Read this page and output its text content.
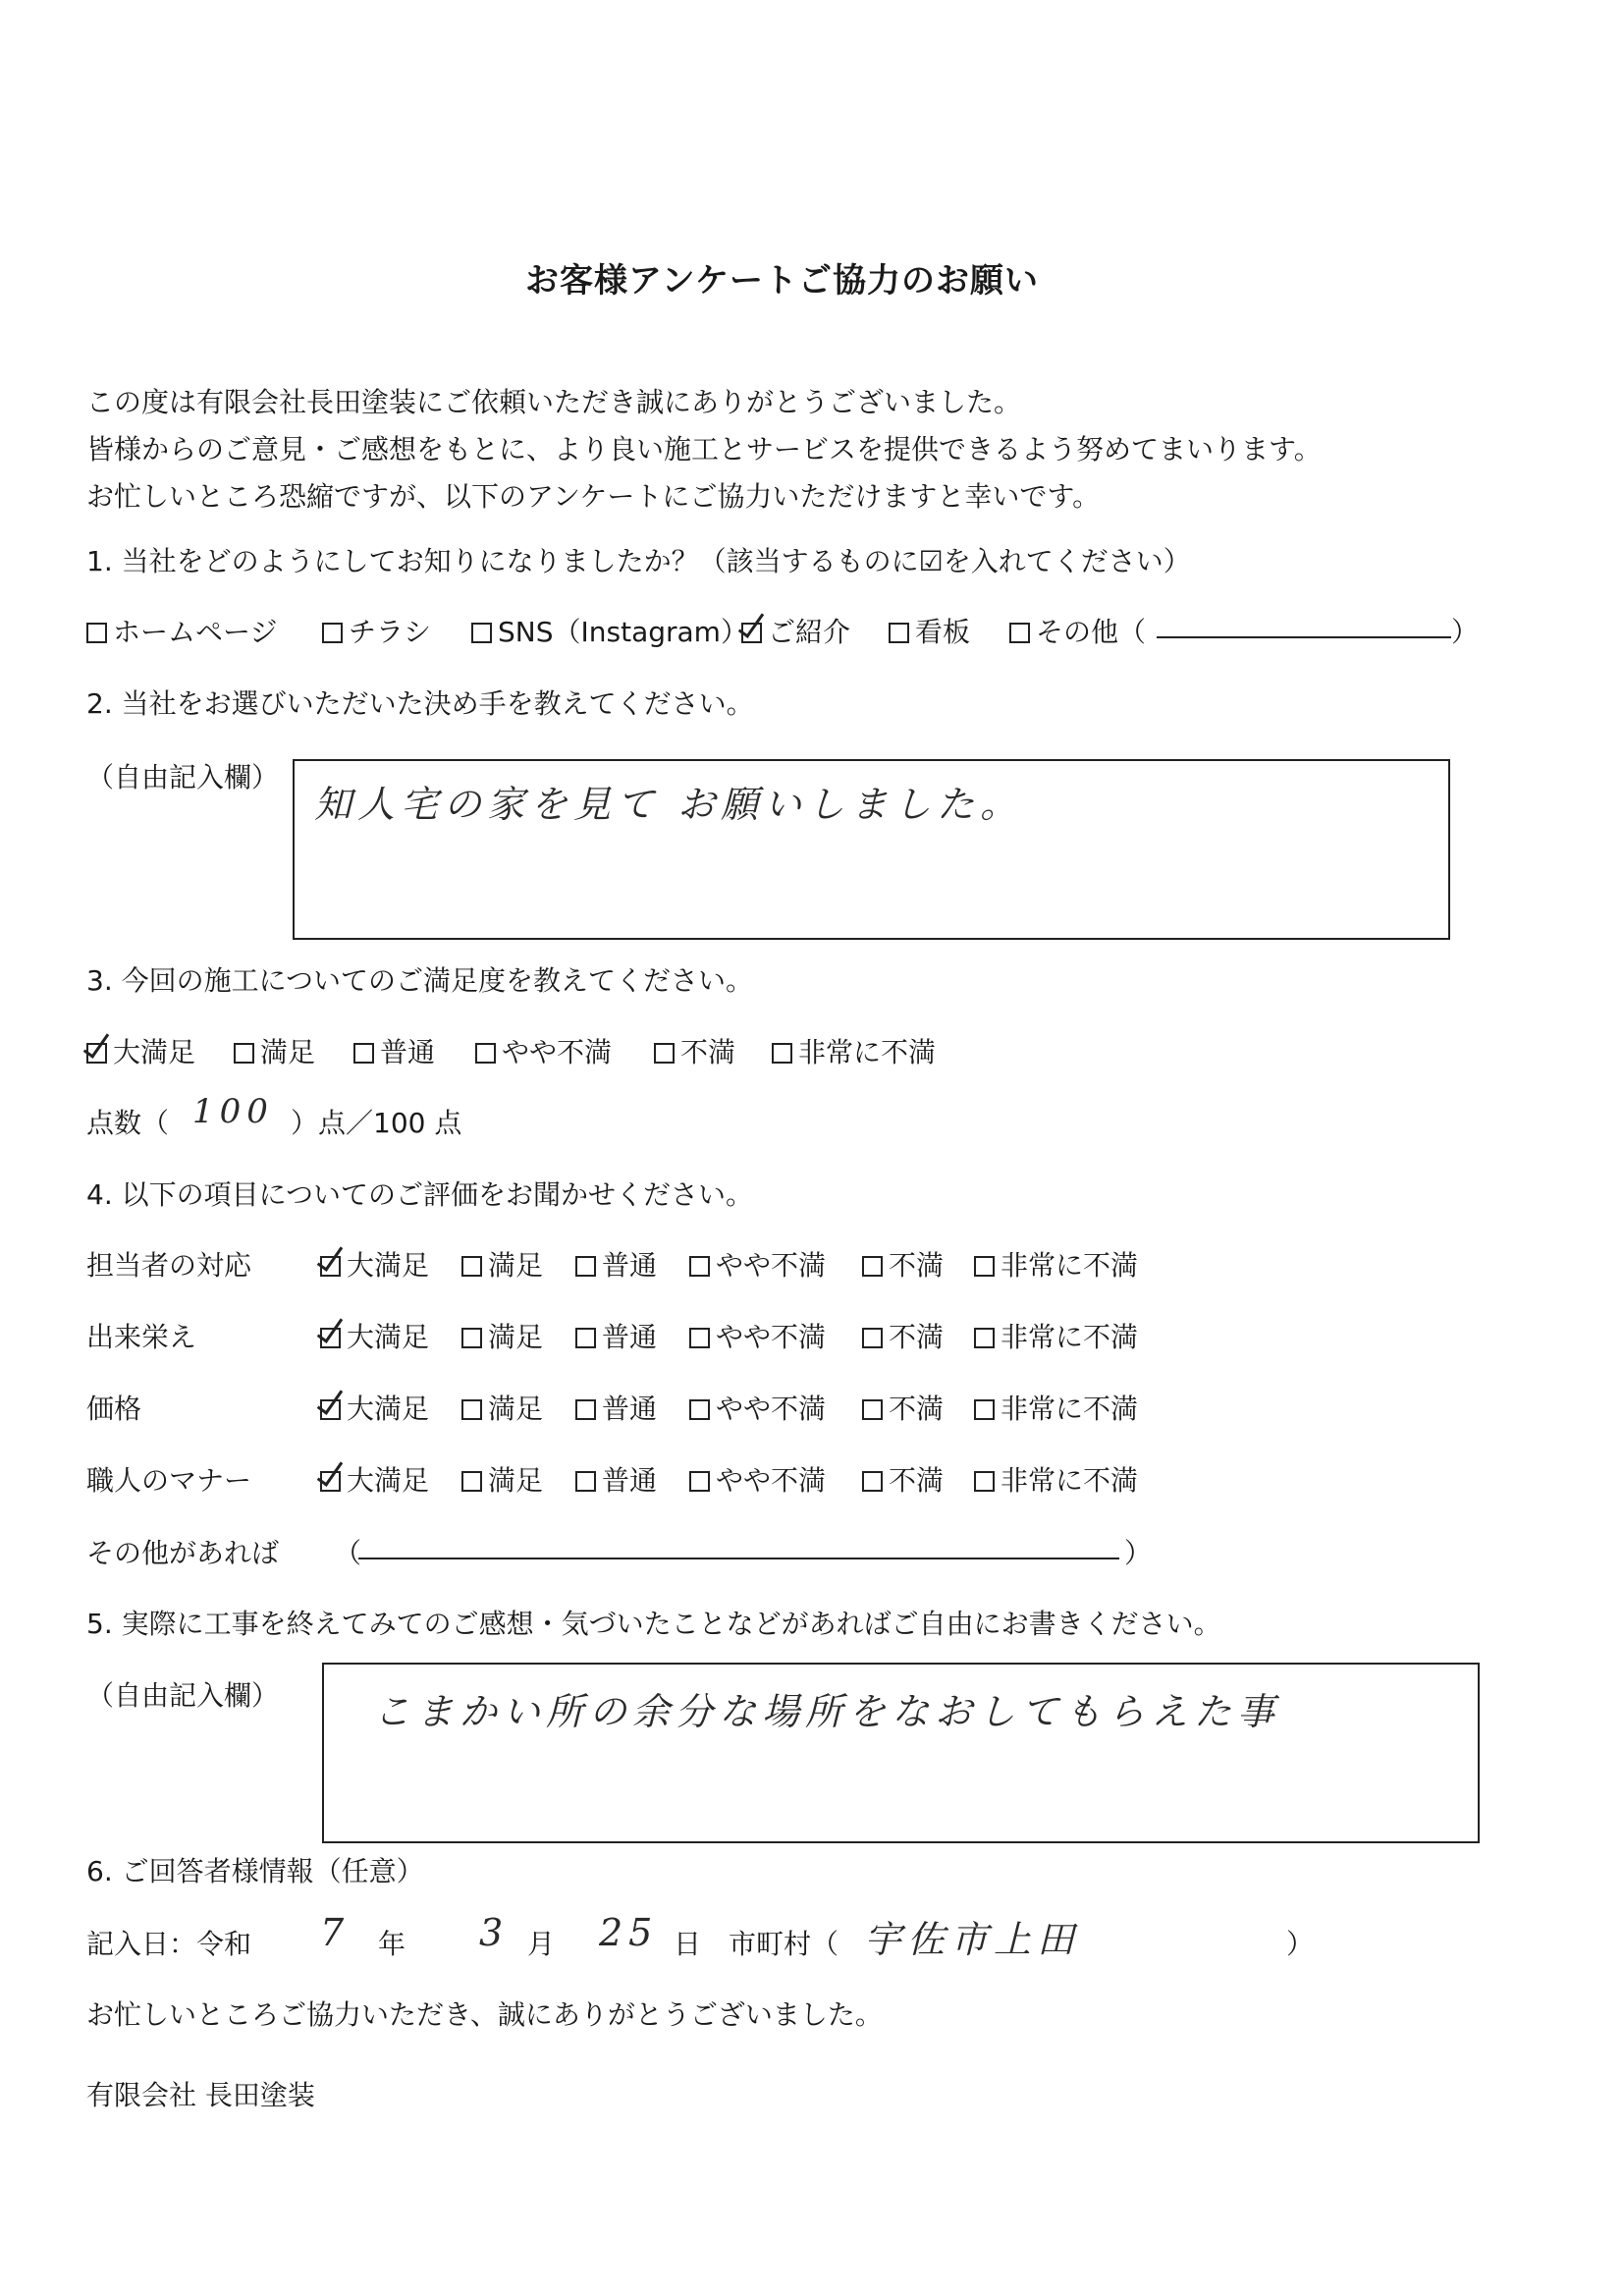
お客様アンケートご協力のお願い
この度は有限会社長田塗装にご依頼いただき誠にありがとうございました。
皆様からのご意見・ご感想をもとに、より良い施工とサービスを提供できるよう努めてまいります。
お忙しいところ恐縮ですが、以下のアンケートにご協力いただけますと幸いです。
1. 当社をどのようにしてお知りになりましたか？（該当するものに☑を入れてください）
ホームページ	チラシ	SNS（Instagram） ご紹介	看板	その他（	）
2. 当社をお選びいただいた決め手を教えてください。
（自由記入欄）
知人宅の家を見て お願いしました。
3. 今回の施工についてのご満足度を教えてください。
大満足	満足	普通	やや不満	不満	非常に不満
点数（ 100 ）点／100 点
4. 以下の項目についてのご評価をお聞かせください。
担当者の対応	大満足	満足	普通	やや不満	不満	非常に不満
出来栄え	大満足	満足	普通	やや不満	不満	非常に不満
価格	大満足	満足	普通	やや不満	不満	非常に不満
職人のマナー	大満足	満足	普通	やや不満	不満	非常に不満
その他があれば （	）
5. 実際に工事を終えてみてのご感想・気づいたことなどがあればご自由にお書きください。
（自由記入欄）	こまかい所の余分な場所をなおしてもらえた事
6. ご回答者様情報（任意）
記入日：令和 7 年 3 月 25 日 市町村（ 宇佐市上田	）
お忙しいところご協力いただき、誠にありがとうございました。
有限会社 長田塗装
